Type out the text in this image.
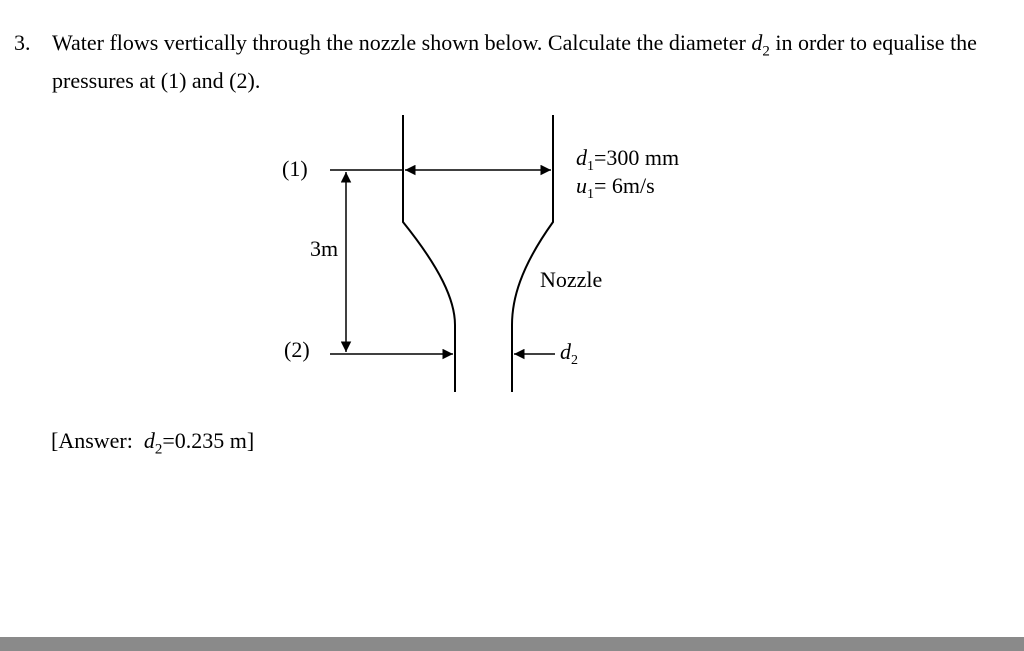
3. Water flows vertically through the nozzle shown below. Calculate the diameter $d_2$ in order to equalise the pressures at (1) and (2).
(1)
(2)
3m
$d_1=300$ mm
$u_1= 6m/s$
Nozzle
$d_2$
[Answer:  $d_2=0.235$ m]
